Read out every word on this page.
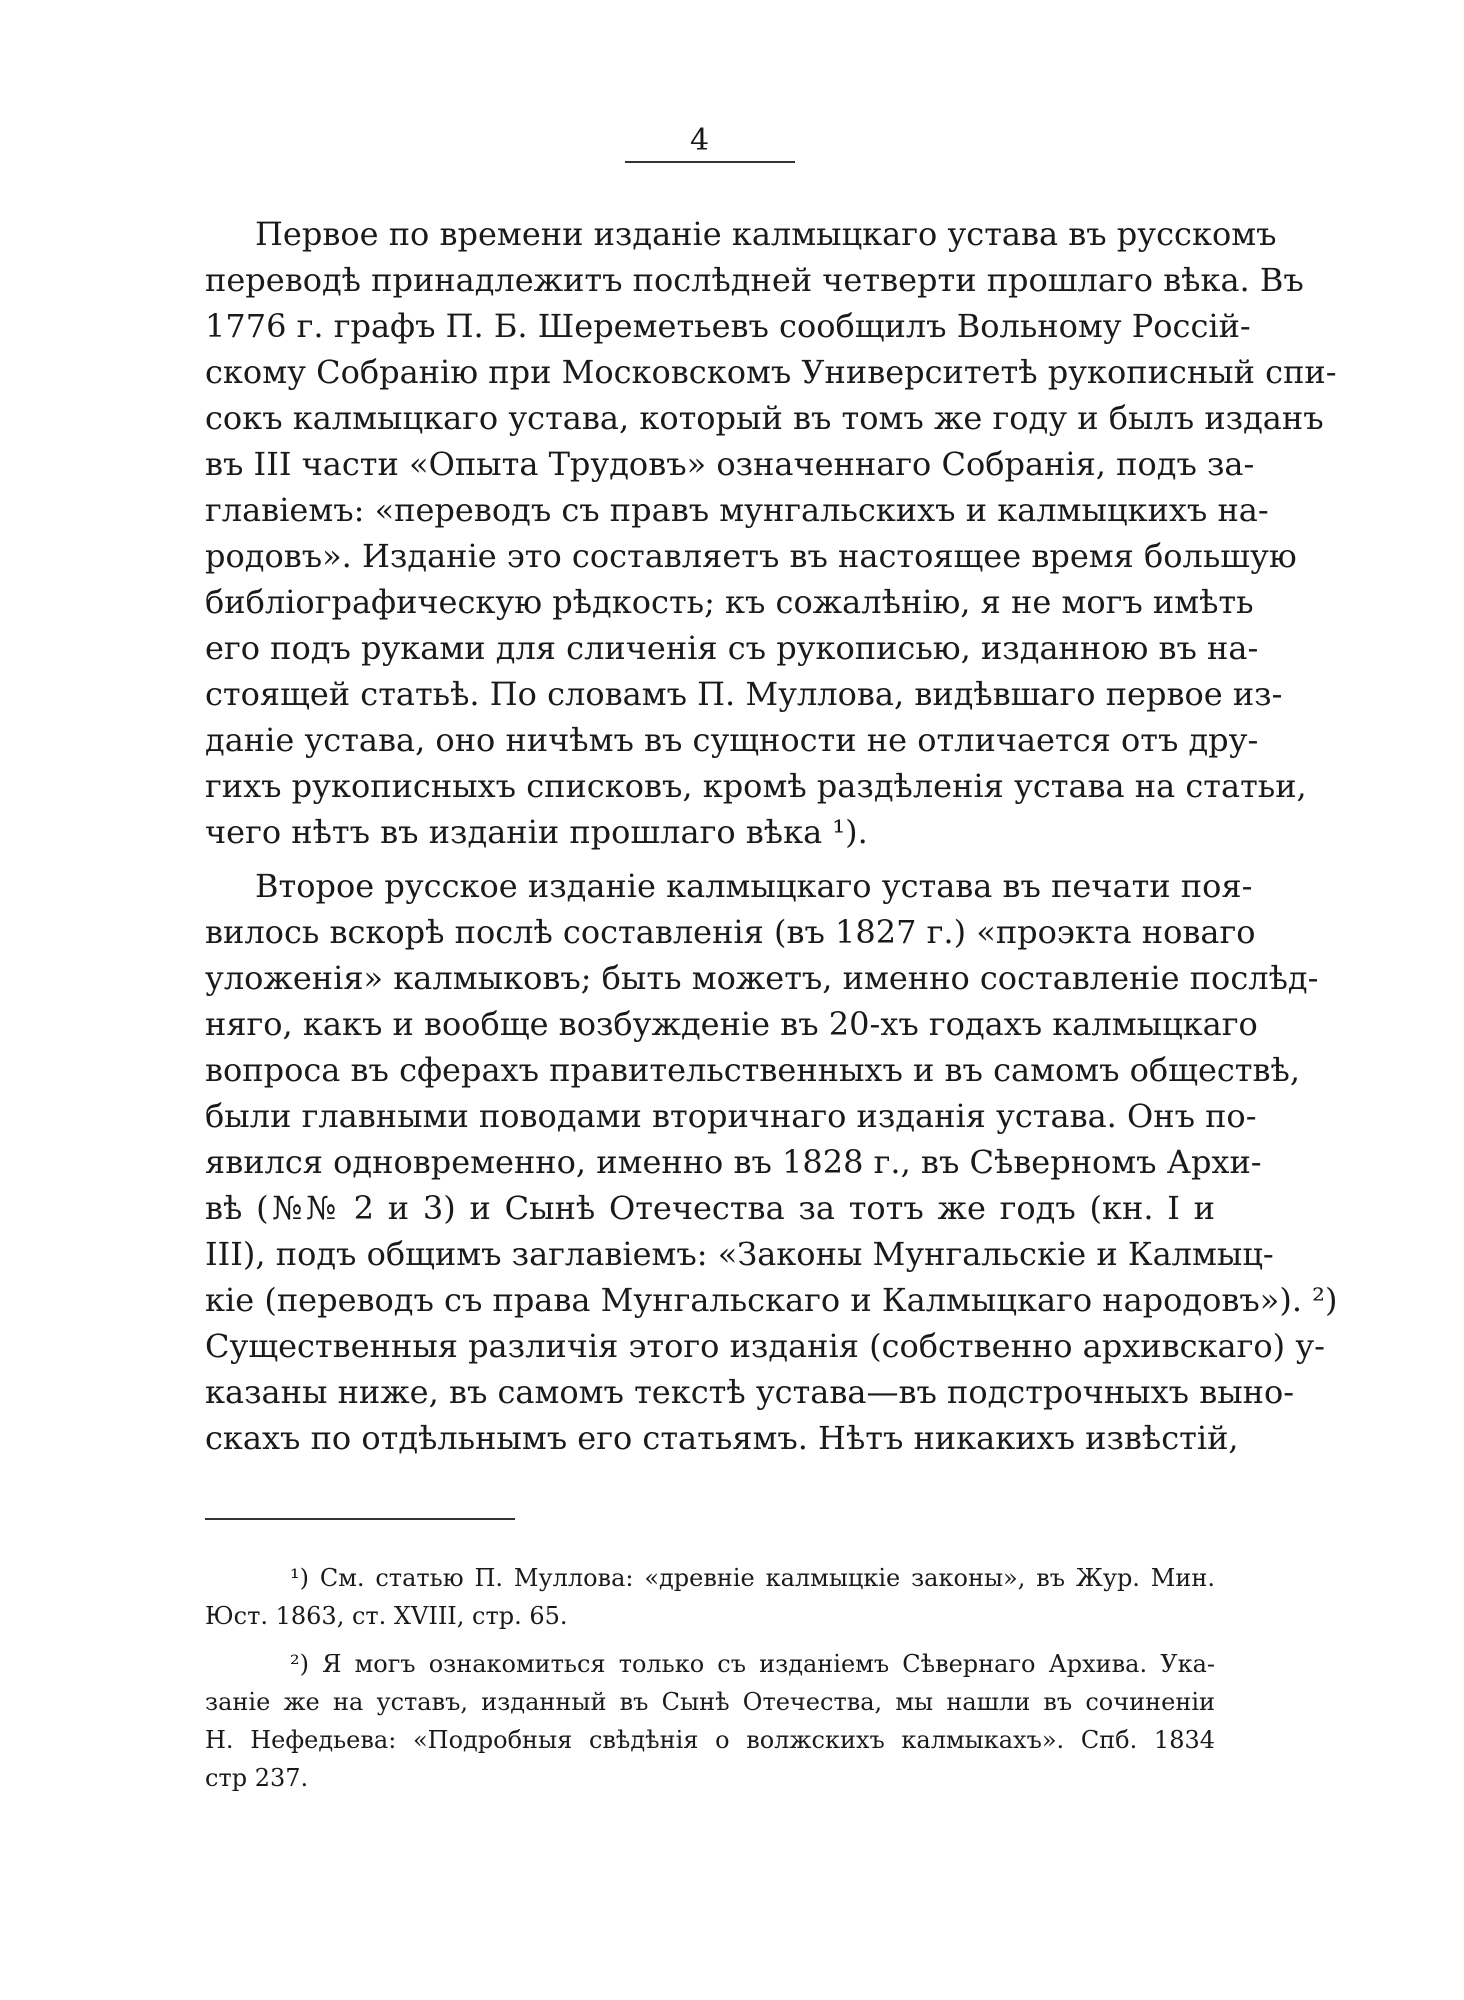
4
Первое по времени изданіе калмыцкаго устава въ русскомъ
переводѣ принадлежитъ послѣдней четверти прошлаго вѣка. Въ
1776 г. графъ П. Б. Шереметьевъ сообщилъ Вольному Россій-
скому Собранію при Московскомъ Университетѣ рукописный спи-
сокъ калмыцкаго устава, который въ томъ же году и былъ изданъ
въ III части «Опыта Трудовъ» означеннаго Собранія, подъ за-
главіемъ: «переводъ съ правъ мунгальскихъ и калмыцкихъ на-
родовъ». Изданіе это составляетъ въ настоящее время большую
библіографическую рѣдкость; къ сожалѣнію, я не могъ имѣть
его подъ руками для сличенія съ рукописью, изданною въ на-
стоящей статьѣ. По словамъ П. Муллова, видѣвшаго первое из-
даніе устава, оно ничѣмъ въ сущности не отличается отъ дру-
гихъ рукописныхъ списковъ, кромѣ раздѣленія устава на статьи,
чего нѣтъ въ изданіи прошлаго вѣка ¹).
Второе русское изданіе калмыцкаго устава въ печати поя-
вилось вскорѣ послѣ составленія (въ 1827 г.) «проэкта новаго
уложенія» калмыковъ; быть можетъ, именно составленіе послѣд-
няго, какъ и вообще возбужденіе въ 20-хъ годахъ калмыцкаго
вопроса въ сферахъ правительственныхъ и въ самомъ обществѣ,
были главными поводами вторичнаго изданія устава. Онъ по-
явился одновременно, именно въ 1828 г., въ Сѣверномъ Архи-
вѣ (№№ 2 и 3) и Сынѣ Отечества за тотъ же годъ (кн. I и
III), подъ общимъ заглавіемъ: «Законы Мунгальскіе и Калмыц-
кіе (переводъ съ права Мунгальскаго и Калмыцкаго народовъ»). ²)
Существенныя различія этого изданія (собственно архивскаго) у-
казаны ниже, въ самомъ текстѣ устава—въ подстрочныхъ выно-
скахъ по отдѣльнымъ его статьямъ. Нѣтъ никакихъ извѣстій,
¹) См. статью П. Муллова: «древніе калмыцкіе законы», въ Жур. Мин.
Юст. 1863, ст. XVIII, стр. 65.
²) Я могъ ознакомиться только съ изданіемъ Сѣвернаго Архива. Ука-
заніе же на уставъ, изданный въ Сынѣ Отечества, мы нашли въ сочиненіи
Н. Нефедьева: «Подробныя свѣдѣнія о волжскихъ калмыкахъ». Спб. 1834
стр 237.
